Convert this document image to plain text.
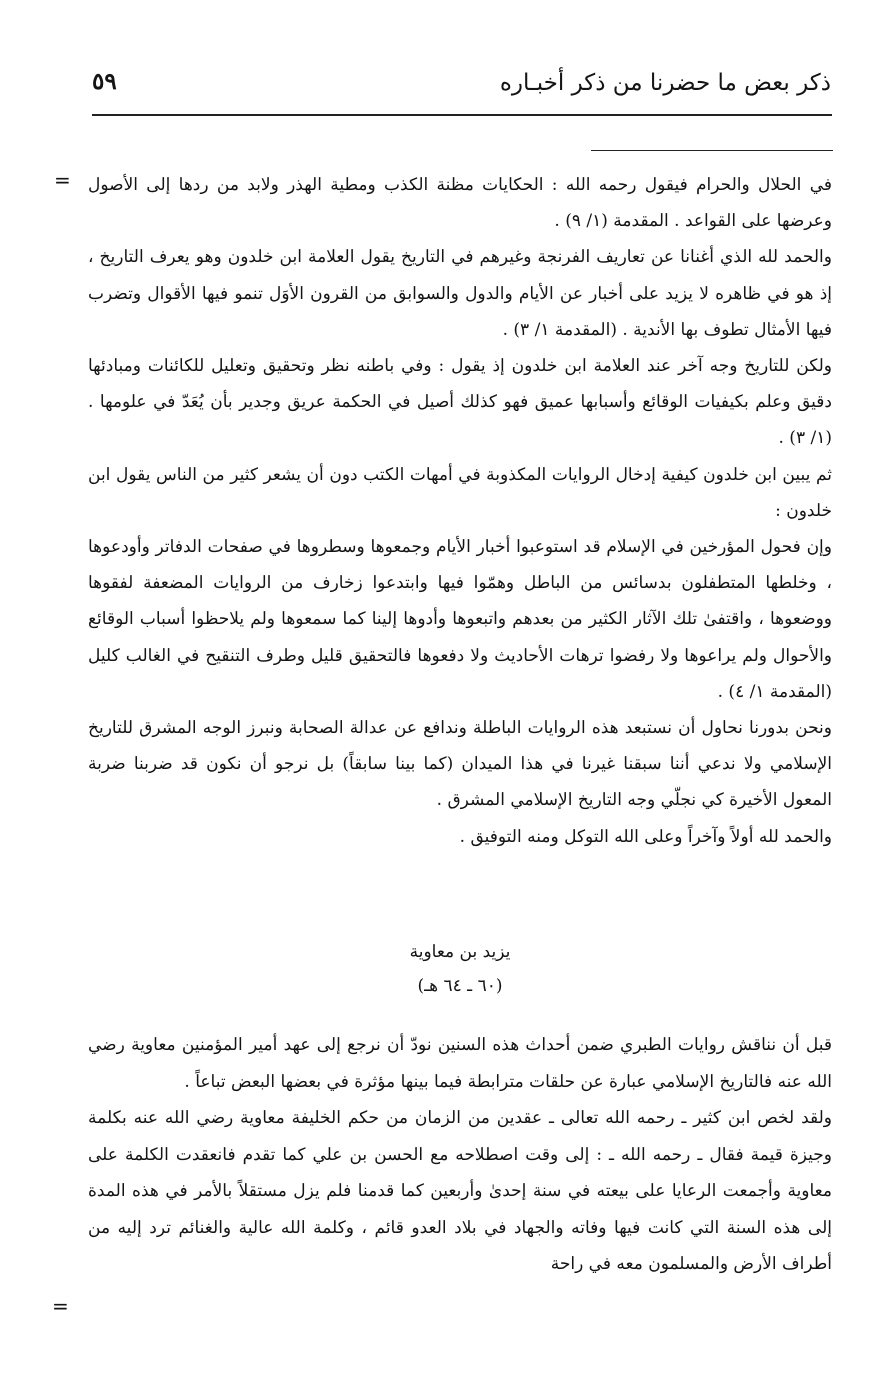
ذكر بعض ما حضرنا من ذكر أخبـاره
٥٩
= في الحلال والحرام فيقول رحمه الله : الحكايات مظنة الكذب ومطية الهذر ولابد من ردها إلى الأصول وعرضها على القواعد . المقدمة (١/ ٩) .

والحمد لله الذي أغنانا عن تعاريف الفرنجة وغيرهم في التاريخ يقول العلامة ابن خلدون وهو يعرف التاريخ ، إذ هو في ظاهره لا يزيد على أخبار عن الأيام والدول والسوابق من القرون الأوَل تنمو فيها الأقوال وتضرب فيها الأمثال تطوف بها الأندية . (المقدمة ١/ ٣) .

ولكن للتاريخ وجه آخر عند العلامة ابن خلدون إذ يقول : وفي باطنه نظر وتحقيق وتعليل للكائنات ومبادئها دقيق وعلم بكيفيات الوقائع وأسبابها عميق فهو كذلك أصيل في الحكمة عريق وجدير بأن يُعَدّ في علومها . (١/ ٣) .

ثم يبين ابن خلدون كيفية إدخال الروايات المكذوبة في أمهات الكتب دون أن يشعر كثير من الناس يقول ابن خلدون :

وإن فحول المؤرخين في الإسلام قد استوعبوا أخبار الأيام وجمعوها وسطروها في صفحات الدفاتر وأودعوها ، وخلطها المتطفلون بدسائس من الباطل وهمّوا فيها وابتدعوا زخارف من الروايات المضعفة لفقوها ووضعوها ، واقتفىٰ تلك الآثار الكثير من بعدهم واتبعوها وأدوها إلينا كما سمعوها ولم يلاحظوا أسباب الوقائع والأحوال ولم يراعوها ولا رفضوا ترهات الأحاديث ولا دفعوها فالتحقيق قليل وطرف التنقيح في الغالب كليل (المقدمة ١/ ٤) .

ونحن بدورنا نحاول أن نستبعد هذه الروايات الباطلة وندافع عن عدالة الصحابة ونبرز الوجه المشرق للتاريخ الإسلامي ولا ندعي أننا سبقنا غيرنا في هذا الميدان (كما بينا سابقاً) بل نرجو أن نكون قد ضربنا ضربة المعول الأخيرة كي نجلّي وجه التاريخ الإسلامي المشرق .

والحمد لله أولاً وآخراً وعلى الله التوكل ومنه التوفيق .

يزيد بن معاوية
(٦٠ ـ ٦٤ هـ)

قبل أن نناقش روايات الطبري ضمن أحداث هذه السنين نودّ أن نرجع إلى عهد أمير المؤمنين معاوية رضي الله عنه فالتاريخ الإسلامي عبارة عن حلقات مترابطة فيما بينها مؤثرة في بعضها البعض تباعاً .

ولقد لخص ابن كثير ـ رحمه الله تعالى ـ عقدين من الزمان من حكم الخليفة معاوية رضي الله عنه بكلمة وجيزة قيمة فقال ـ رحمه الله ـ : إلى وقت اصطلاحه مع الحسن بن علي كما تقدم فانعقدت الكلمة على معاوية وأجمعت الرعايا على بيعته في سنة إحدىٰ وأربعين كما قدمنا فلم يزل مستقلاً بالأمر في هذه المدة إلى هذه السنة التي كانت فيها وفاته والجهاد في بلاد العدو قائم ، وكلمة الله عالية والغنائم ترد إليه من أطراف الأرض والمسلمون معه في راحة

=
